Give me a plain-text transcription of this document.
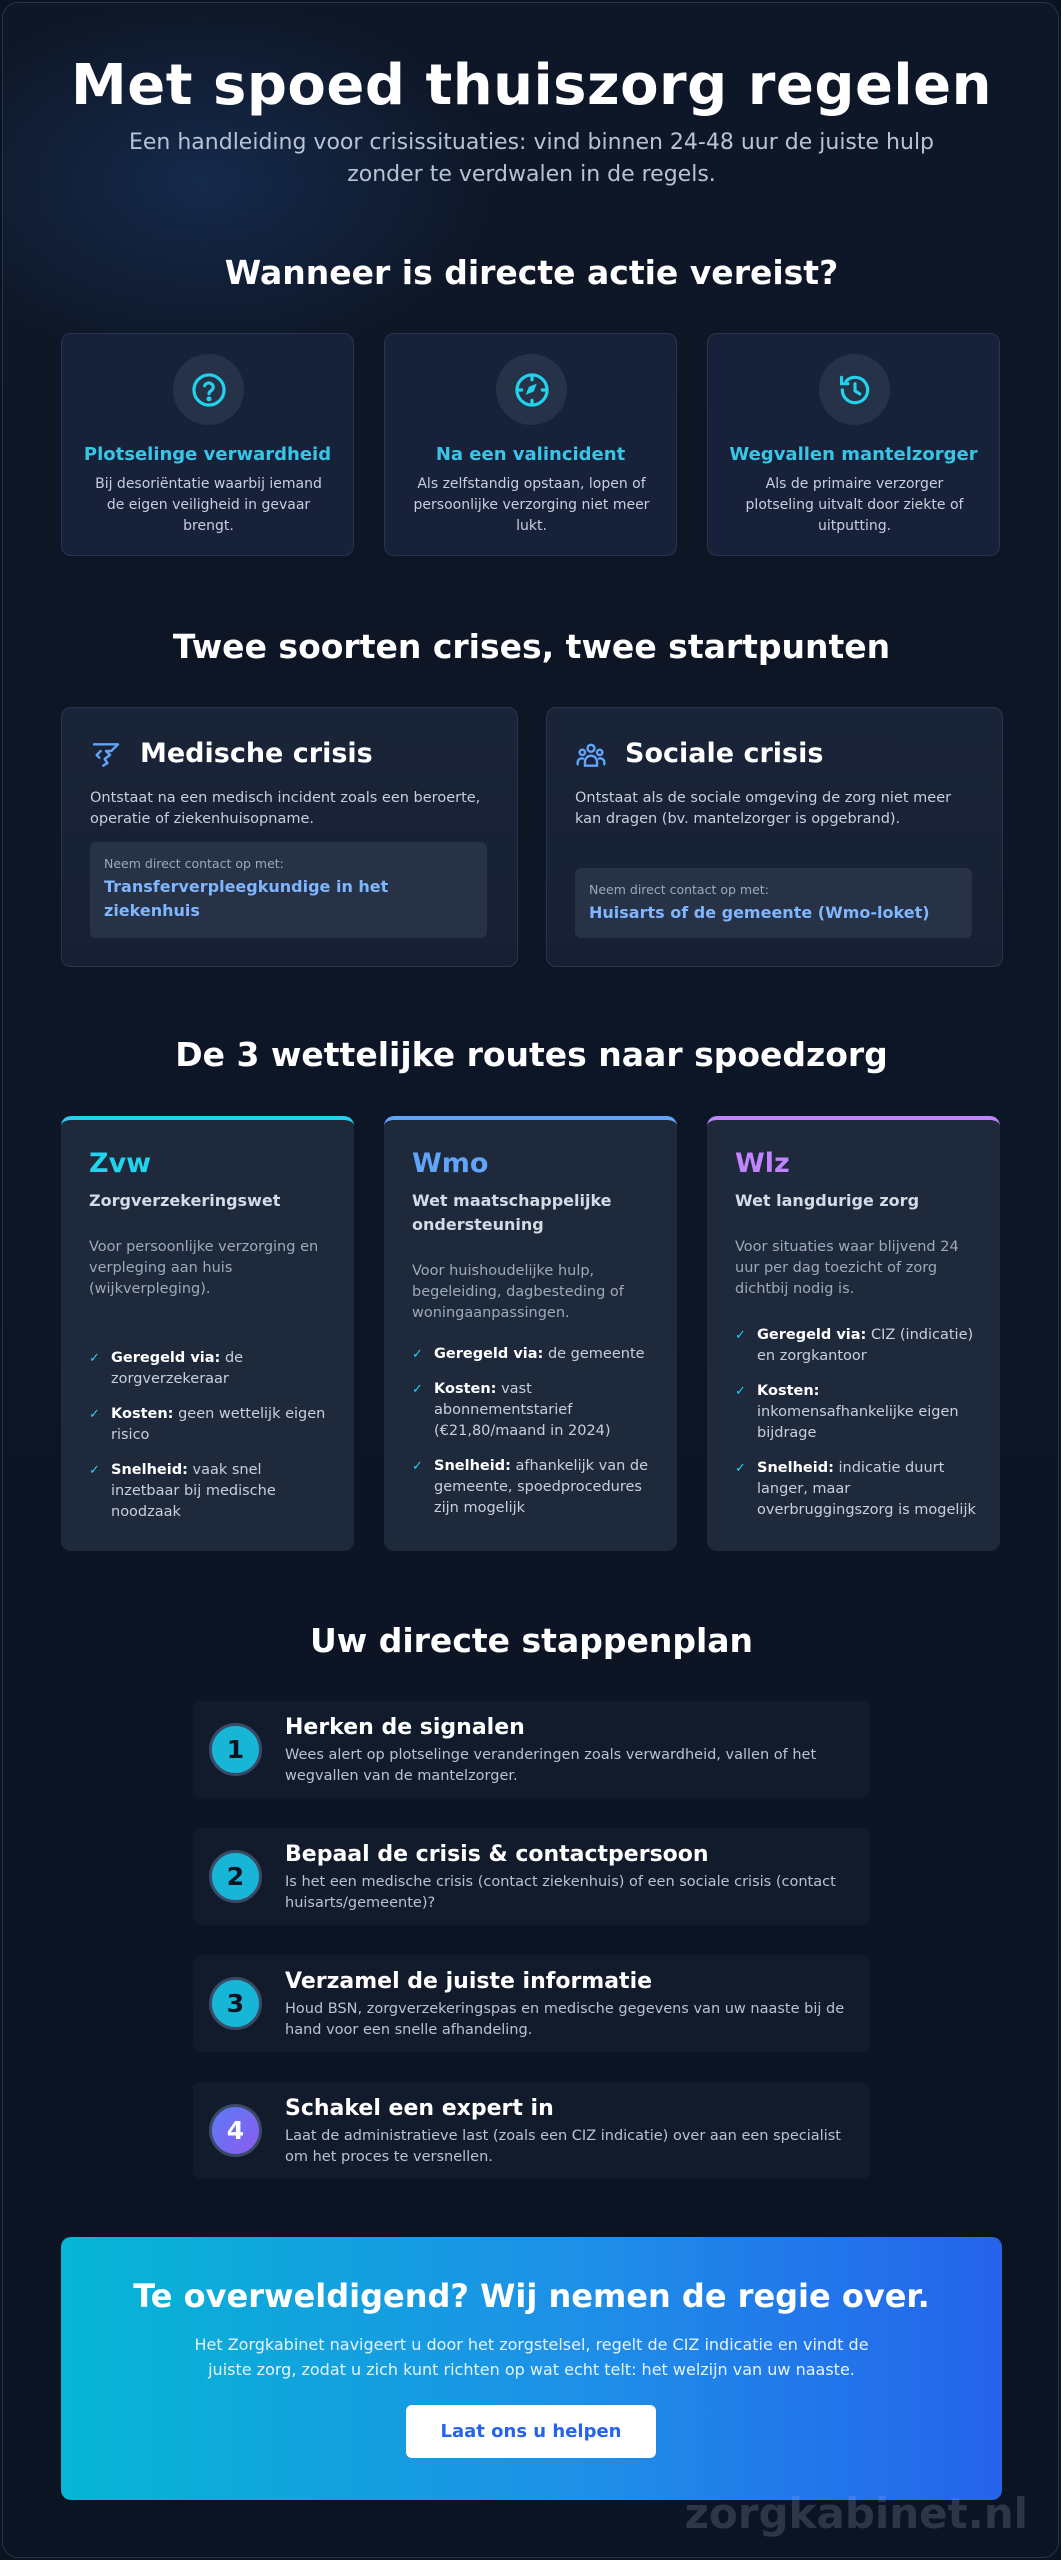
Met spoed thuiszorg regelen
Een handleiding voor crisissituaties: vind binnen 24-48 uur de juiste hulp zonder te verdwalen in de regels.
Wanneer is directe actie vereist?
Plotselinge verwardheid
Bij desoriëntatie waarbij iemand de eigen veiligheid in gevaar brengt.
Na een valincident
Als zelfstandig opstaan, lopen of persoonlijke verzorging niet meer lukt.
Wegvallen mantelzorger
Als de primaire verzorger plotseling uitvalt door ziekte of uitputting.
Twee soorten crises, twee startpunten
Medische crisis
Ontstaat na een medisch incident zoals een beroerte, operatie of ziekenhuisopname.
Neem direct contact op met:
Transferverpleegkundige in het ziekenhuis
Sociale crisis
Ontstaat als de sociale omgeving de zorg niet meer kan dragen (bv. mantelzorger is opgebrand).
Neem direct contact op met:
Huisarts of de gemeente (Wmo-loket)
De 3 wettelijke routes naar spoedzorg
Zvw
Zorgverzekeringswet
Voor persoonlijke verzorging en verpleging aan huis (wijkverpleging).
✓ Geregeld via: de zorgverzekeraar
✓ Kosten: geen wettelijk eigen risico
✓ Snelheid: vaak snel inzetbaar bij medische noodzaak
Wmo
Wet maatschappelijke ondersteuning
Voor huishoudelijke hulp, begeleiding, dagbesteding of woningaanpassingen.
✓ Geregeld via: de gemeente
✓ Kosten: vast abonnementstarief (€21,80/maand in 2024)
✓ Snelheid: afhankelijk van de gemeente, spoedprocedures zijn mogelijk
Wlz
Wet langdurige zorg
Voor situaties waar blijvend 24 uur per dag toezicht of zorg dichtbij nodig is.
✓ Geregeld via: CIZ (indicatie) en zorgkantoor
✓ Kosten: inkomensafhankelijke eigen bijdrage
✓ Snelheid: indicatie duurt langer, maar overbruggingszorg is mogelijk
Uw directe stappenplan
1
Herken de signalen
Wees alert op plotselinge veranderingen zoals verwardheid, vallen of het wegvallen van de mantelzorger.
2
Bepaal de crisis & contactpersoon
Is het een medische crisis (contact ziekenhuis) of een sociale crisis (contact huisarts/gemeente)?
3
Verzamel de juiste informatie
Houd BSN, zorgverzekeringspas en medische gegevens van uw naaste bij de hand voor een snelle afhandeling.
4
Schakel een expert in
Laat de administratieve last (zoals een CIZ indicatie) over aan een specialist om het proces te versnellen.
Te overweldigend? Wij nemen de regie over.
Het Zorgkabinet navigeert u door het zorgstelsel, regelt de CIZ indicatie en vindt de juiste zorg, zodat u zich kunt richten op wat echt telt: het welzijn van uw naaste.
Laat ons u helpen
zorgkabinet.nl
